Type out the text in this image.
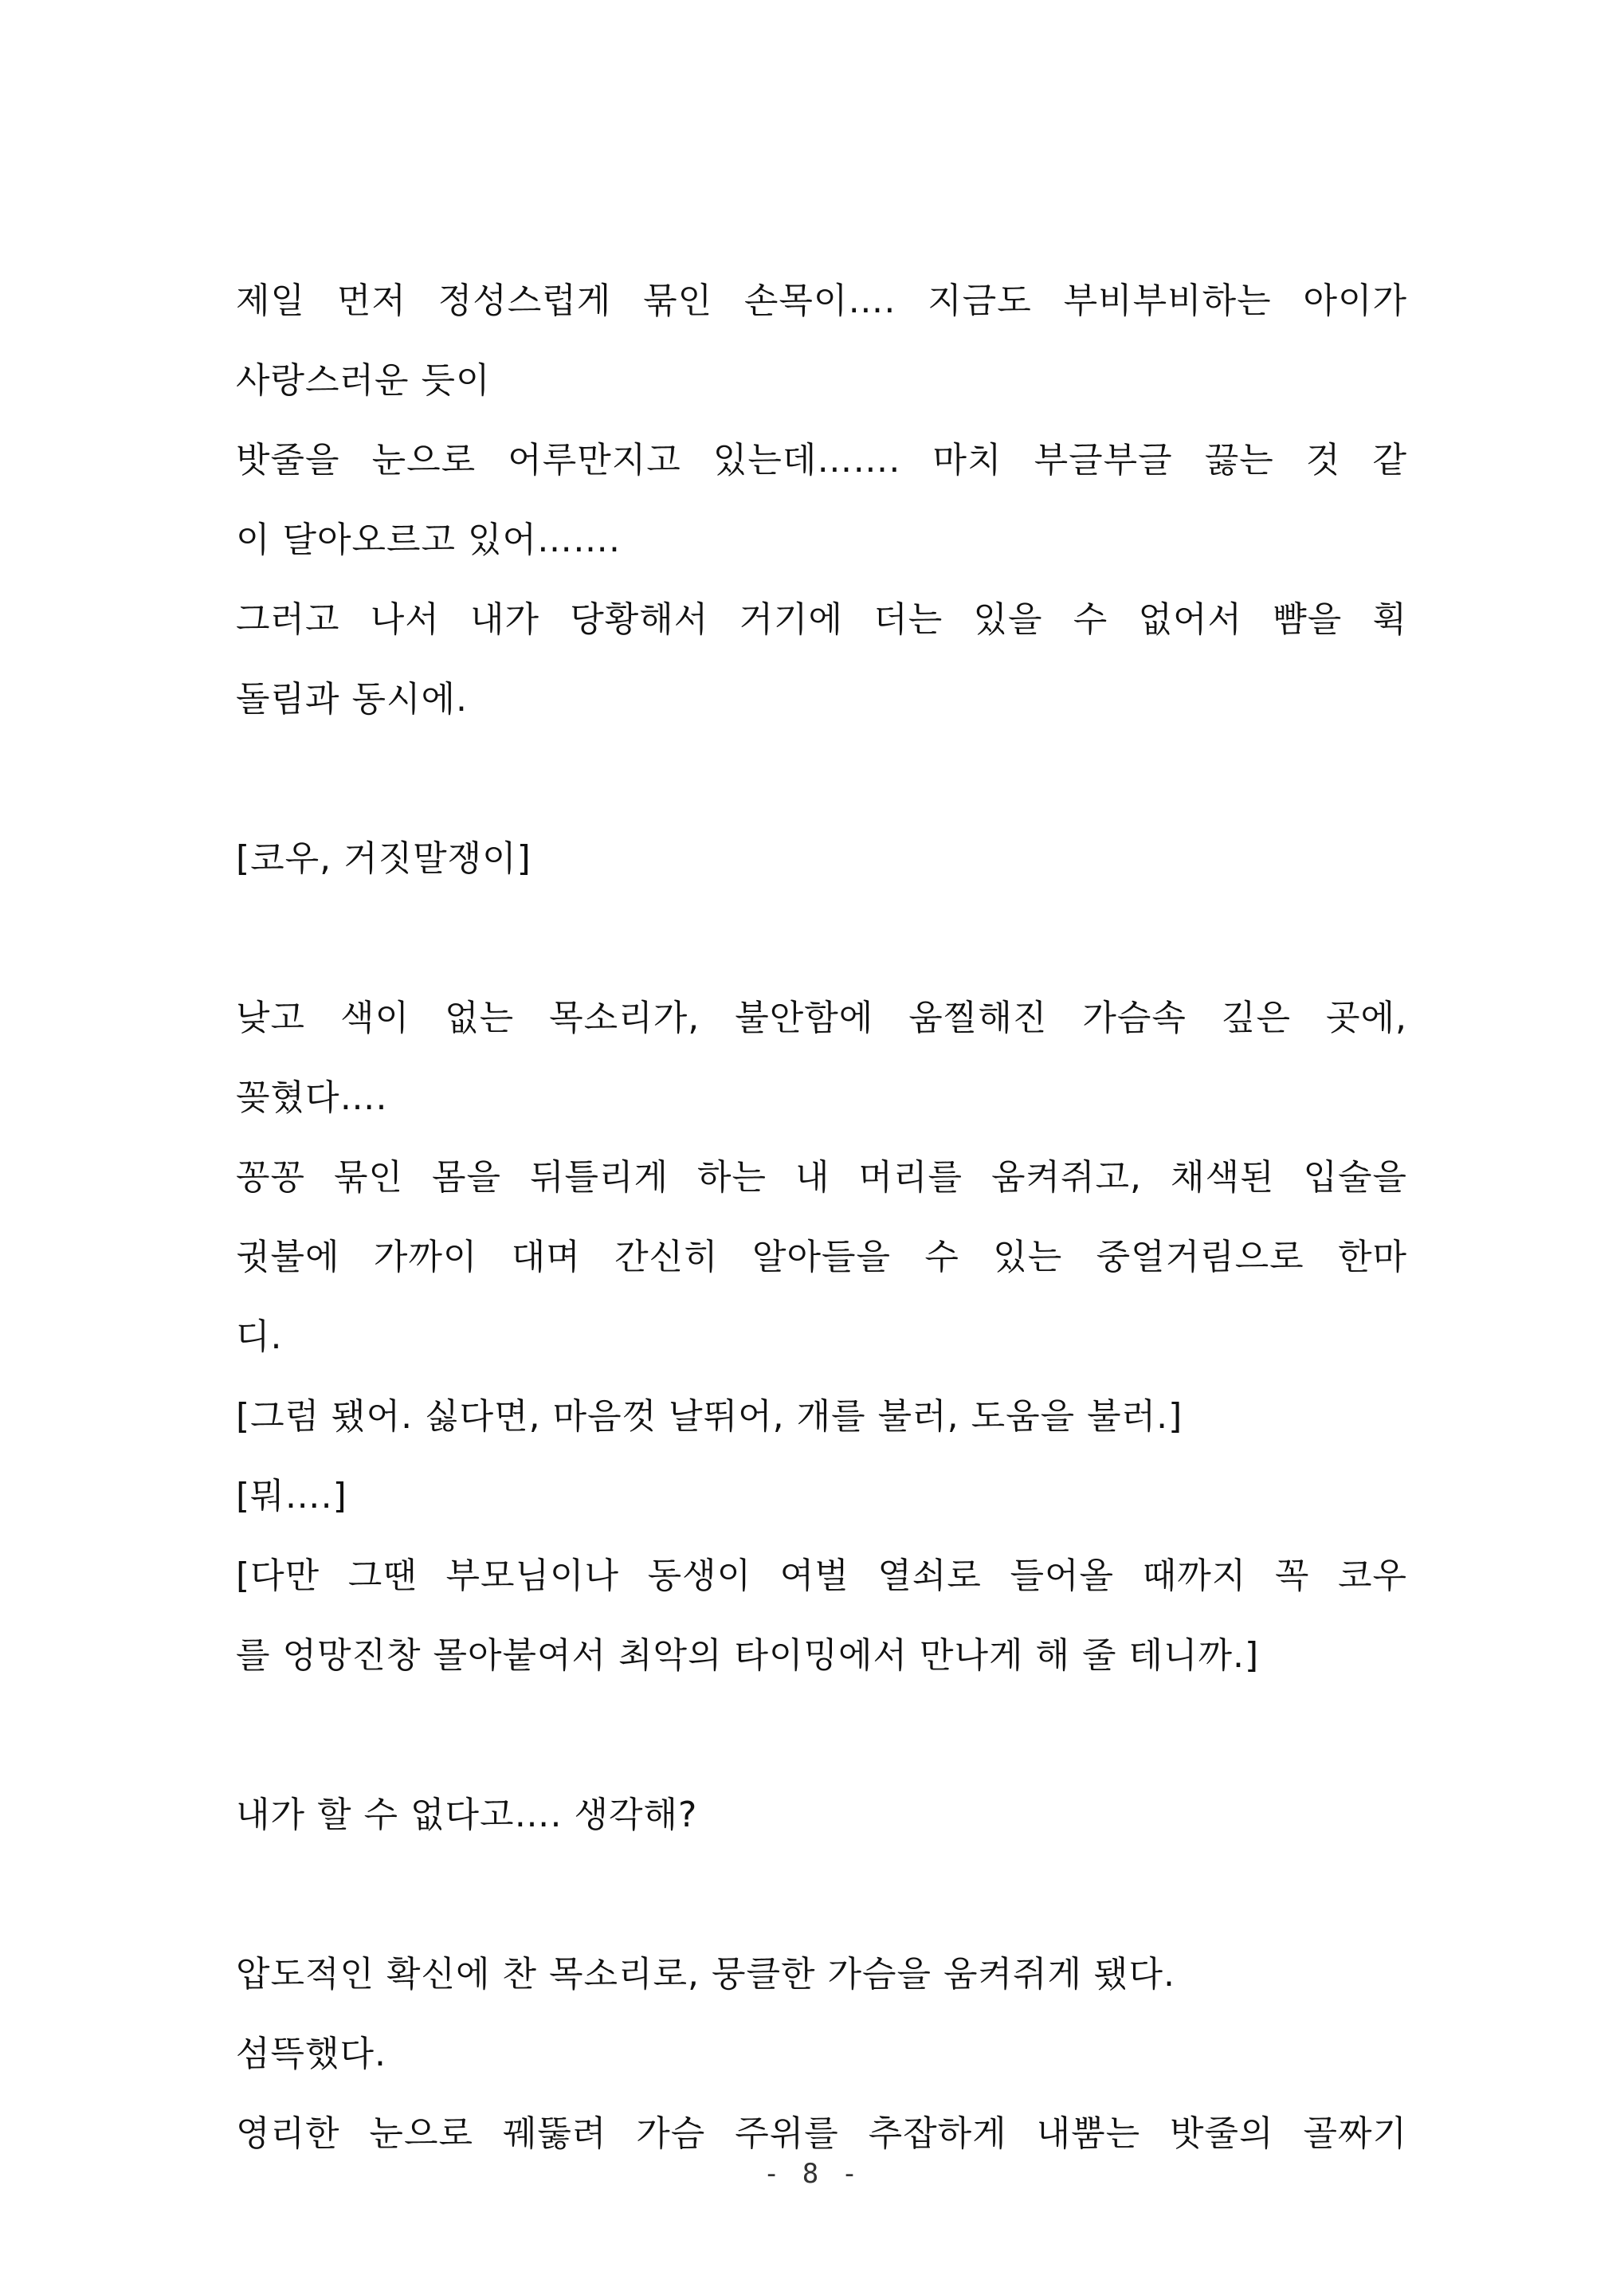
제일 먼저 정성스럽게 묶인 손목이…. 지금도 부비부비하는 아이가
사랑스러운 듯이
밧줄을 눈으로 어루만지고 있는데……. 마치 부글부글 끓는 것 같
이 달아오르고 있어…….
그러고 나서 내가 당황해서 거기에 더는 있을 수 없어서 뺨을 휙
돌림과 동시에.
[코우, 거짓말쟁이]
낮고 색이 없는 목소리가, 불안함에 움찔해진 가슴속 깊은 곳에,
꽂혔다….
꽁꽁 묶인 몸을 뒤틀리게 하는 내 머리를 움켜쥐고, 채색된 입술을
귓불에 가까이 대며 간신히 알아들을 수 있는 중얼거림으로 한마
디.
[그럼 됐어. 싫다면, 마음껏 날뛰어, 개를 불러, 도움을 불러.]
[뭐….]
[다만 그땐 부모님이나 동생이 여벌 열쇠로 들어올 때까지 꼭 코우
를 엉망진창 몰아붙여서 최악의 타이밍에서 만나게 해 줄 테니까.]
내가 할 수 없다고…. 생각해?
압도적인 확신에 찬 목소리로, 뭉클한 가슴을 움켜쥐게 됐다.
섬뜩했다.
영리한 눈으로 꿰뚫려 가슴 주위를 추잡하게 내뿜는 밧줄의 골짜기
- 8 -
